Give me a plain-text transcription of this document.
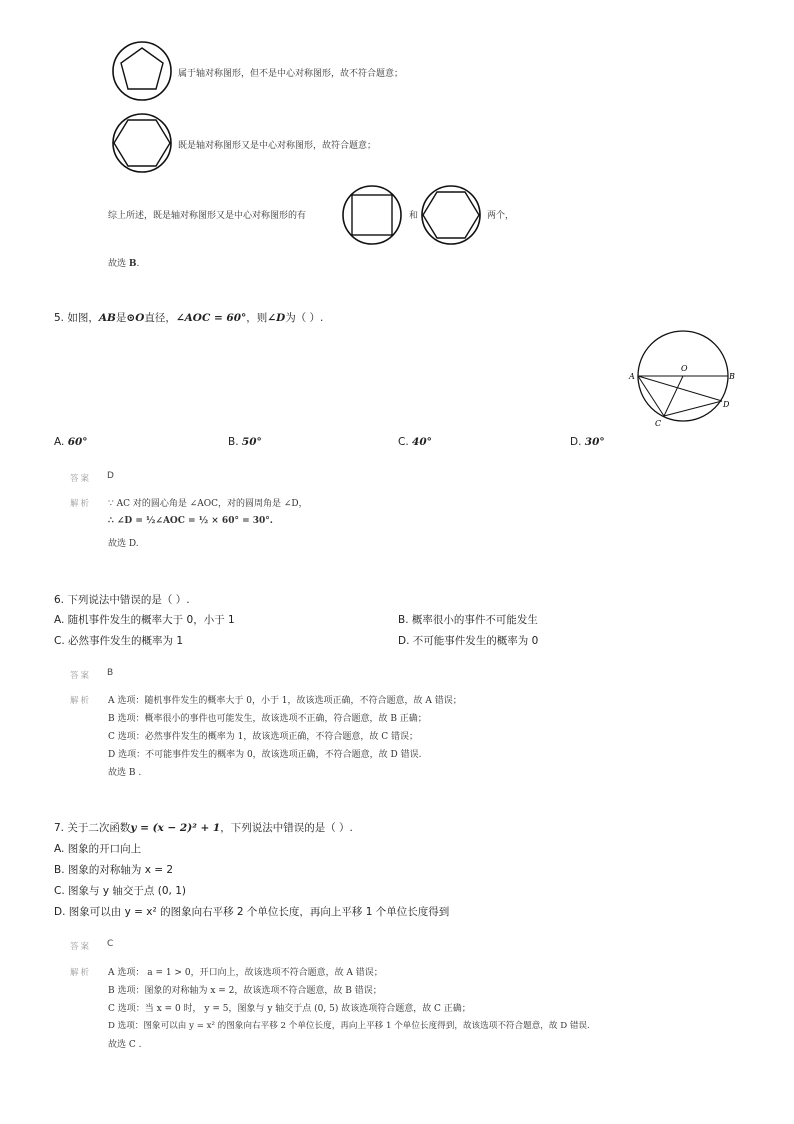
属于轴对称图形，但不是中心对称图形，故不符合题意；
既是轴对称图形又是中心对称图形，故符合题意；
综上所述，既是轴对称图形又是中心对称图形的有	和	两个，
故选 B.
5. 如图，AB是⊙O直径，∠AOC = 60°，则∠D为（ ）.
A	B
O
C
D
A. 60°	B. 50°	C. 40°	D. 30°
答案 D
解析 ∵ AC 对的圆心角是 ∠AOC，对的圆周角是 ∠D，
∴ ∠D = ½∠AOC = ½ × 60° = 30°.
故选 D.
6. 下列说法中错误的是（ ）.
A. 随机事件发生的概率大于 0，小于 1	B. 概率很小的事件不可能发生
C. 必然事件发生的概率为 1	D. 不可能事件发生的概率为 0
答案 B
解析 A 选项：随机事件发生的概率大于 0，小于 1，故该选项正确，不符合题意，故 A 错误；
B 选项：概率很小的事件也可能发生，故该选项不正确，符合题意，故 B 正确；
C 选项：必然事件发生的概率为 1，故该选项正确，不符合题意，故 C 错误；
D 选项：不可能事件发生的概率为 0，故该选项正确，不符合题意，故 D 错误.
故选 B .
7. 关于二次函数y = (x − 2)² + 1，下列说法中错误的是（ ）.
A. 图象的开口向上
B. 图象的对称轴为 x = 2
C. 图象与 y 轴交于点 (0, 1)
D. 图象可以由 y = x² 的图象向右平移 2 个单位长度，再向上平移 1 个单位长度得到
答案 C
解析 A 选项： a = 1 > 0，开口向上，故该选项不符合题意，故 A 错误；
B 选项：图象的对称轴为 x = 2，故该选项不符合题意，故 B 错误；
C 选项：当 x = 0 时， y = 5，图象与 y 轴交于点 (0, 5) 故该选项符合题意，故 C 正确；
D 选项：图象可以由 y = x² 的图象向右平移 2 个单位长度，再向上平移 1 个单位长度得到，故该选项不符合题意，故 D 错误.
故选 C .
